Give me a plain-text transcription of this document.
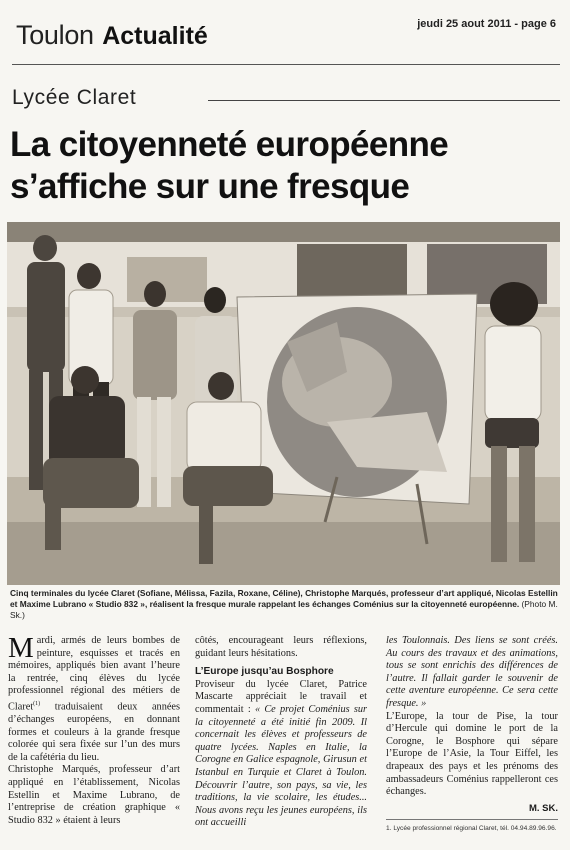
Toulon Actualité	jeudi 25 aout 2011 - page 6
Lycée Claret
La citoyenneté européenne
s’affiche sur une fresque
Cinq terminales du lycée Claret (Sofiane, Mélissa, Fazila, Roxane, Céline), Christophe Marqués, professeur d’art appliqué, Nicolas Estellin et Maxime Lubrano « Studio 832 », réalisent la fresque murale rappelant les échanges Coménius sur la citoyenneté européenne. (Photo M. Sk.)

Mardi, armés de leurs bombes de peinture, esquisses et tracés en mémoires, appliqués bien avant l’heure la rentrée, cinq élèves du lycée professionnel régional des métiers de Claret$^{(1)}$ traduisaient deux années d’échanges européens, en donnant formes et couleurs à la grande fresque colorée qui sera fixée sur l’un des murs de la cafétéria du lieu.

Christophe Marqués, professeur d’art appliqué en l’établissement, Nicolas Estellin et Maxime Lubrano, de l’entreprise de création graphique « Studio 832 » étaient à leurs

côtés, encourageant leurs réflexions, guidant leurs hésitations.

L’Europe jusqu’au Bosphore

Proviseur du lycée Claret, Patrice Mascarte appréciait le travail et commentait : « Ce projet Coménius sur la citoyenneté a été initié fin 2009. Il concernait les élèves et professeurs de quatre lycées. Naples en Italie, la Corogne en Galice espagnole, Girusun et Istanbul en Turquie et Claret à Toulon. Découvrir l’autre, son pays, sa vie, les traditions, la vie scolaire, les études... Nous avons reçu les jeunes européens, ils ont accueilli

les Toulonnais. Des liens se sont créés. Au cours des travaux et des animations, tous se sont enrichis des différences de l’autre. Il fallait garder le souvenir de cette aventure européenne. Ce sera cette fresque. »

L’Europe, la tour de Pise, la tour d’Hercule qui domine le port de la Corogne, le Bosphore qui sépare l’Europe de l’Asie, la Tour Eiffel, les drapeaux des pays et les prénoms des ambassadeurs Coménius rappelleront ces échanges.

M. SK.
1. Lycée professionnel régional Claret, tél. 04.94.89.96.96.
